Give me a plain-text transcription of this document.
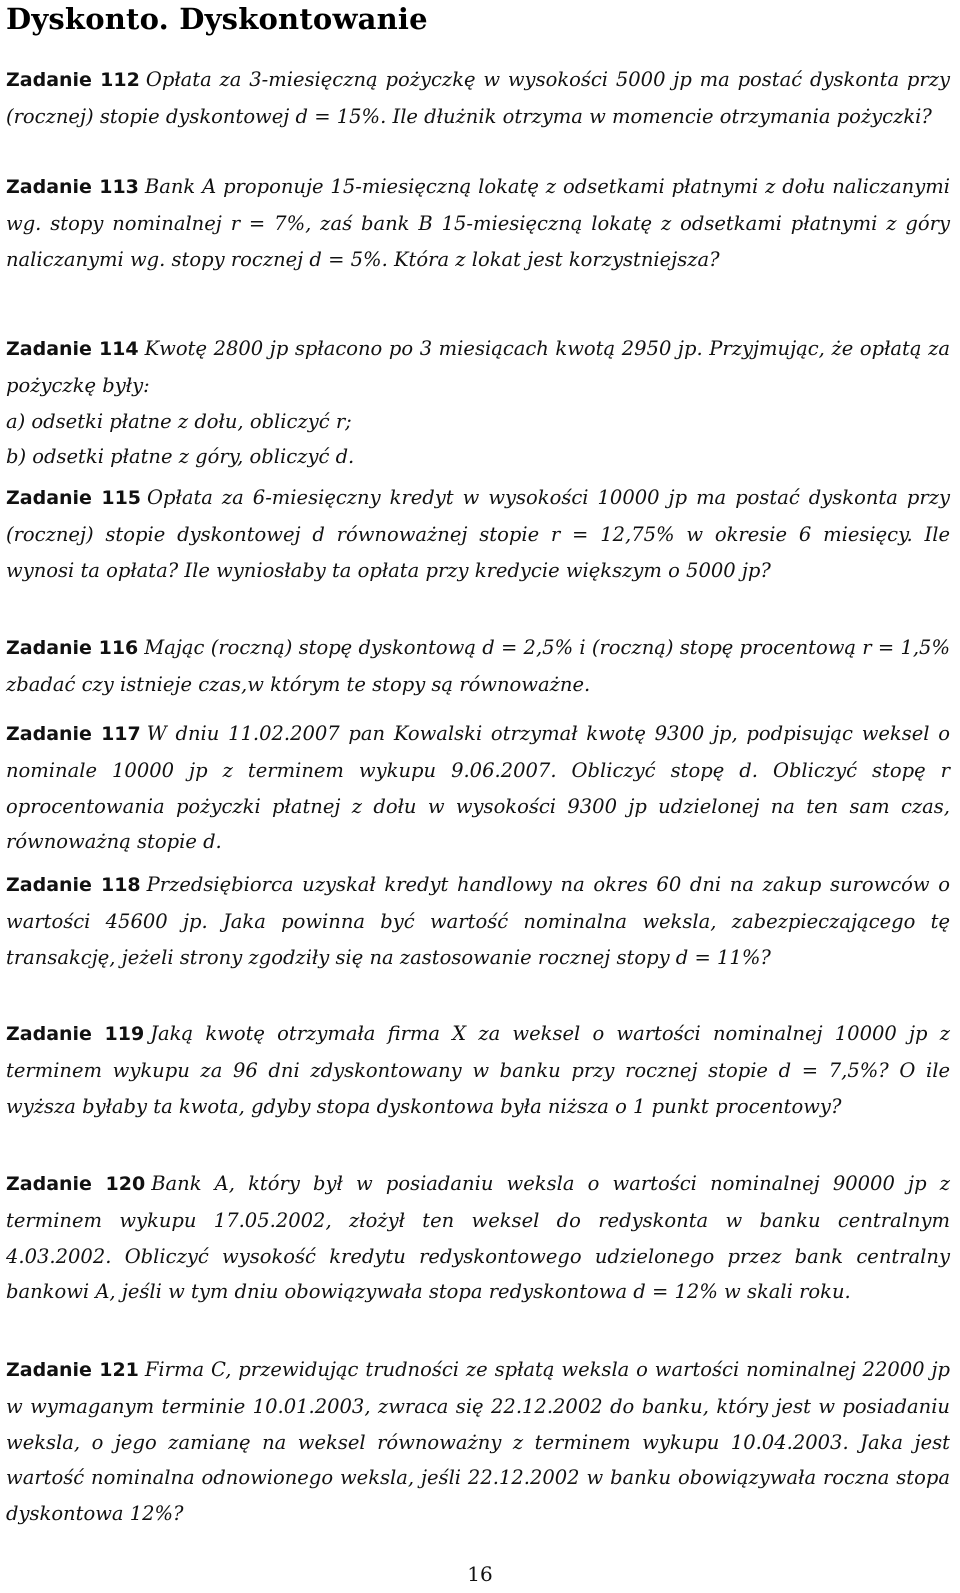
Dyskonto. Dyskontowanie

Zadanie 112 Opłata za 3-miesięczną pożyczkę w wysokości 5000 jp ma postać dyskonta przy (rocznej) stopie dyskontowej d = 15%. Ile dłużnik otrzyma w momencie otrzymania pożyczki?

Zadanie 113 Bank A proponuje 15-miesięczną lokatę z odsetkami płatnymi z dołu naliczanymi wg. stopy nominalnej r = 7%, zaś bank B 15-miesięczną lokatę z odsetkami płatnymi z góry naliczanymi wg. stopy rocznej d = 5%. Która z lokat jest korzystniejsza?

Zadanie 114 Kwotę 2800 jp spłacono po 3 miesiącach kwotą 2950 jp. Przyjmując, że opłatą za pożyczkę były:
a) odsetki płatne z dołu, obliczyć r;
b) odsetki płatne z góry, obliczyć d.

Zadanie 115 Opłata za 6-miesięczny kredyt w wysokości 10000 jp ma postać dyskonta przy (rocznej) stopie dyskontowej d równoważnej stopie r = 12,75% w okresie 6 miesięcy. Ile wynosi ta opłata? Ile wyniosłaby ta opłata przy kredycie większym o 5000 jp?

Zadanie 116 Mając (roczną) stopę dyskontową d = 2,5% i (roczną) stopę procentową r = 1,5% zbadać czy istnieje czas,w którym te stopy są równoważne.

Zadanie 117 W dniu 11.02.2007 pan Kowalski otrzymał kwotę 9300 jp, podpisując weksel o nominale 10000 jp z terminem wykupu 9.06.2007. Obliczyć stopę d. Obliczyć stopę r oprocentowania pożyczki płatnej z dołu w wysokości 9300 jp udzielonej na ten sam czas, równoważną stopie d.

Zadanie 118 Przedsiębiorca uzyskał kredyt handlowy na okres 60 dni na zakup surowców o wartości 45600 jp. Jaka powinna być wartość nominalna weksla, zabezpieczającego tę transakcję, jeżeli strony zgodziły się na zastosowanie rocznej stopy d = 11%?

Zadanie 119 Jaką kwotę otrzymała firma X za weksel o wartości nominalnej 10000 jp z terminem wykupu za 96 dni zdyskontowany w banku przy rocznej stopie d = 7,5%? O ile wyższa byłaby ta kwota, gdyby stopa dyskontowa była niższa o 1 punkt procentowy?

Zadanie 120 Bank A, który był w posiadaniu weksla o wartości nominalnej 90000 jp z terminem wykupu 17.05.2002, złożył ten weksel do redyskonta w banku centralnym 4.03.2002. Obliczyć wysokość kredytu redyskontowego udzielonego przez bank centralny bankowi A, jeśli w tym dniu obowiązywała stopa redyskontowa d = 12% w skali roku.

Zadanie 121 Firma C, przewidując trudności ze spłatą weksla o wartości nominalnej 22000 jp w wymaganym terminie 10.01.2003, zwraca się 22.12.2002 do banku, który jest w posiadaniu weksla, o jego zamianę na weksel równoważny z terminem wykupu 10.04.2003. Jaka jest wartość nominalna odnowionego weksla, jeśli 22.12.2002 w banku obowiązywała roczna stopa dyskontowa 12%?

16
